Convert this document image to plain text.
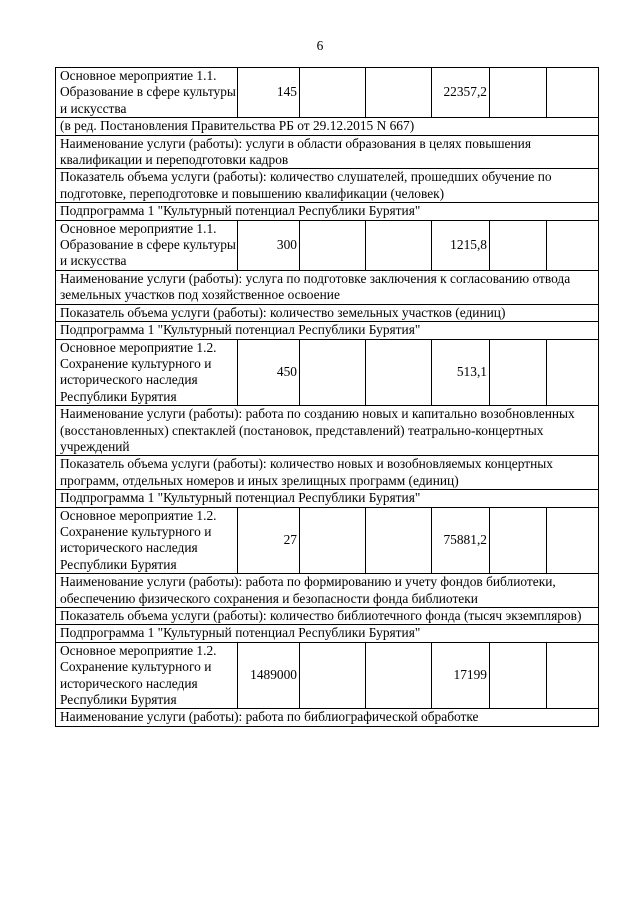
6
Основное мероприятие 1.1. Образование в сфере культуры и искусства	145			22357,2		
(в ред. Постановления Правительства РБ от 29.12.2015 N 667)						
Наименование услуги (работы): услуги в области образования в целях повышения квалификации и переподготовки кадров						
Показатель объема услуги (работы): количество слушателей, прошедших обучение по подготовке, переподготовке и повышению квалификации (человек)						
Подпрограмма 1 "Культурный потенциал Республики Бурятия"						
Основное мероприятие 1.1. Образование в сфере культуры и искусства	300			1215,8		
Наименование услуги (работы): услуга по подготовке заключения к согласованию отвода земельных участков под хозяйственное освоение						
Показатель объема услуги (работы): количество земельных участков (единиц)						
Подпрограмма 1 "Культурный потенциал Республики Бурятия"						
Основное мероприятие 1.2. Сохранение культурного и исторического наследия Республики Бурятия	450			513,1		
Наименование услуги (работы): работа по созданию новых и капитально возобновленных (восстановленных) спектаклей (постановок, представлений) театрально-концертных учреждений						
Показатель объема услуги (работы): количество новых и возобновляемых концертных программ, отдельных номеров и иных зрелищных программ (единиц)						
Подпрограмма 1 "Культурный потенциал Республики Бурятия"						
Основное мероприятие 1.2. Сохранение культурного и исторического наследия Республики Бурятия	27			75881,2		
Наименование услуги (работы): работа по формированию и учету фондов библиотеки, обеспечению физического сохранения и безопасности фонда библиотеки						
Показатель объема услуги (работы): количество библиотечного фонда (тысяч экземпляров)						
Подпрограмма 1 "Культурный потенциал Республики Бурятия"						
Основное мероприятие 1.2. Сохранение культурного и исторического наследия Республики Бурятия	1489000			17199		
Наименование услуги (работы): работа по библиографической обработке						
